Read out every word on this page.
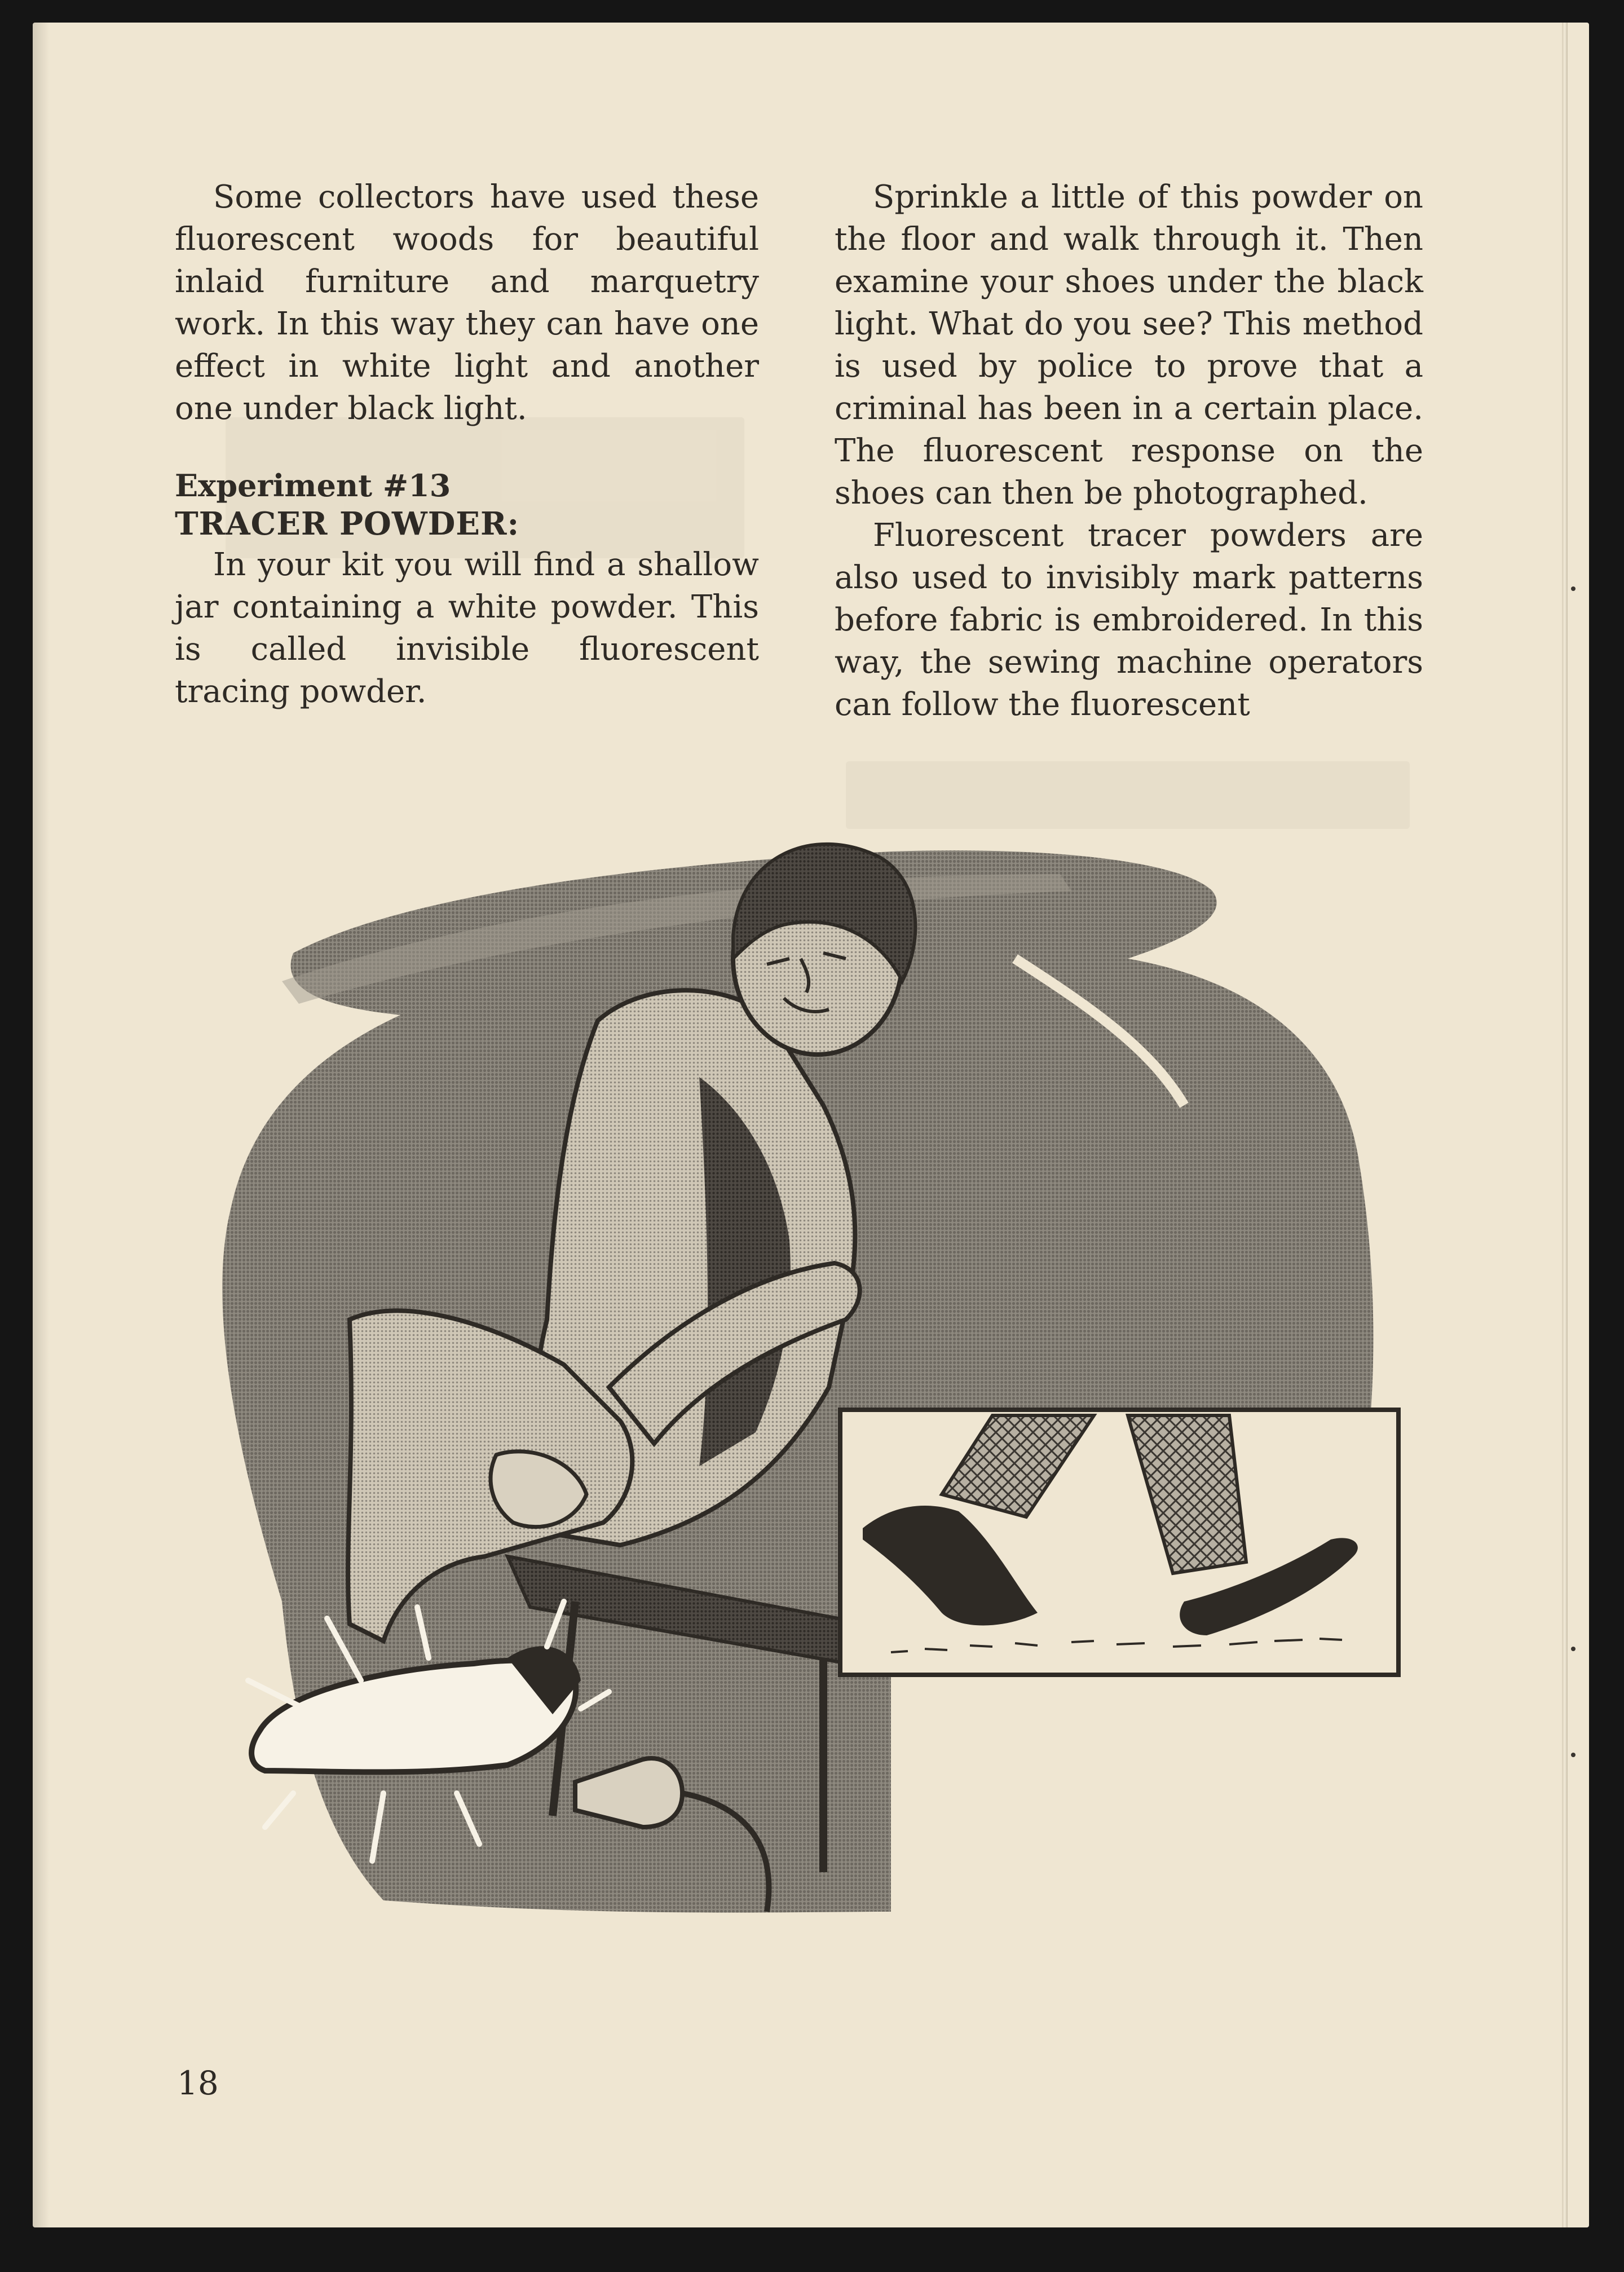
Some collectors have used these fluorescent woods for beautiful inlaid furniture and marquetry work. In this way they can have one effect in white light and another one under black light.

Experiment #13

TRACER POWDER:

In your kit you will find a shallow jar containing a white powder. This is called invisible fluorescent tracing powder.

Sprinkle a little of this powder on the floor and walk through it. Then examine your shoes under the black light. What do you see? This method is used by police to prove that a criminal has been in a certain place. The fluorescent response on the shoes can then be photographed.

Fluorescent tracer powders are also used to invisibly mark patterns before fabric is embroidered. In this way, the sewing machine operators can follow the fluorescent

18
